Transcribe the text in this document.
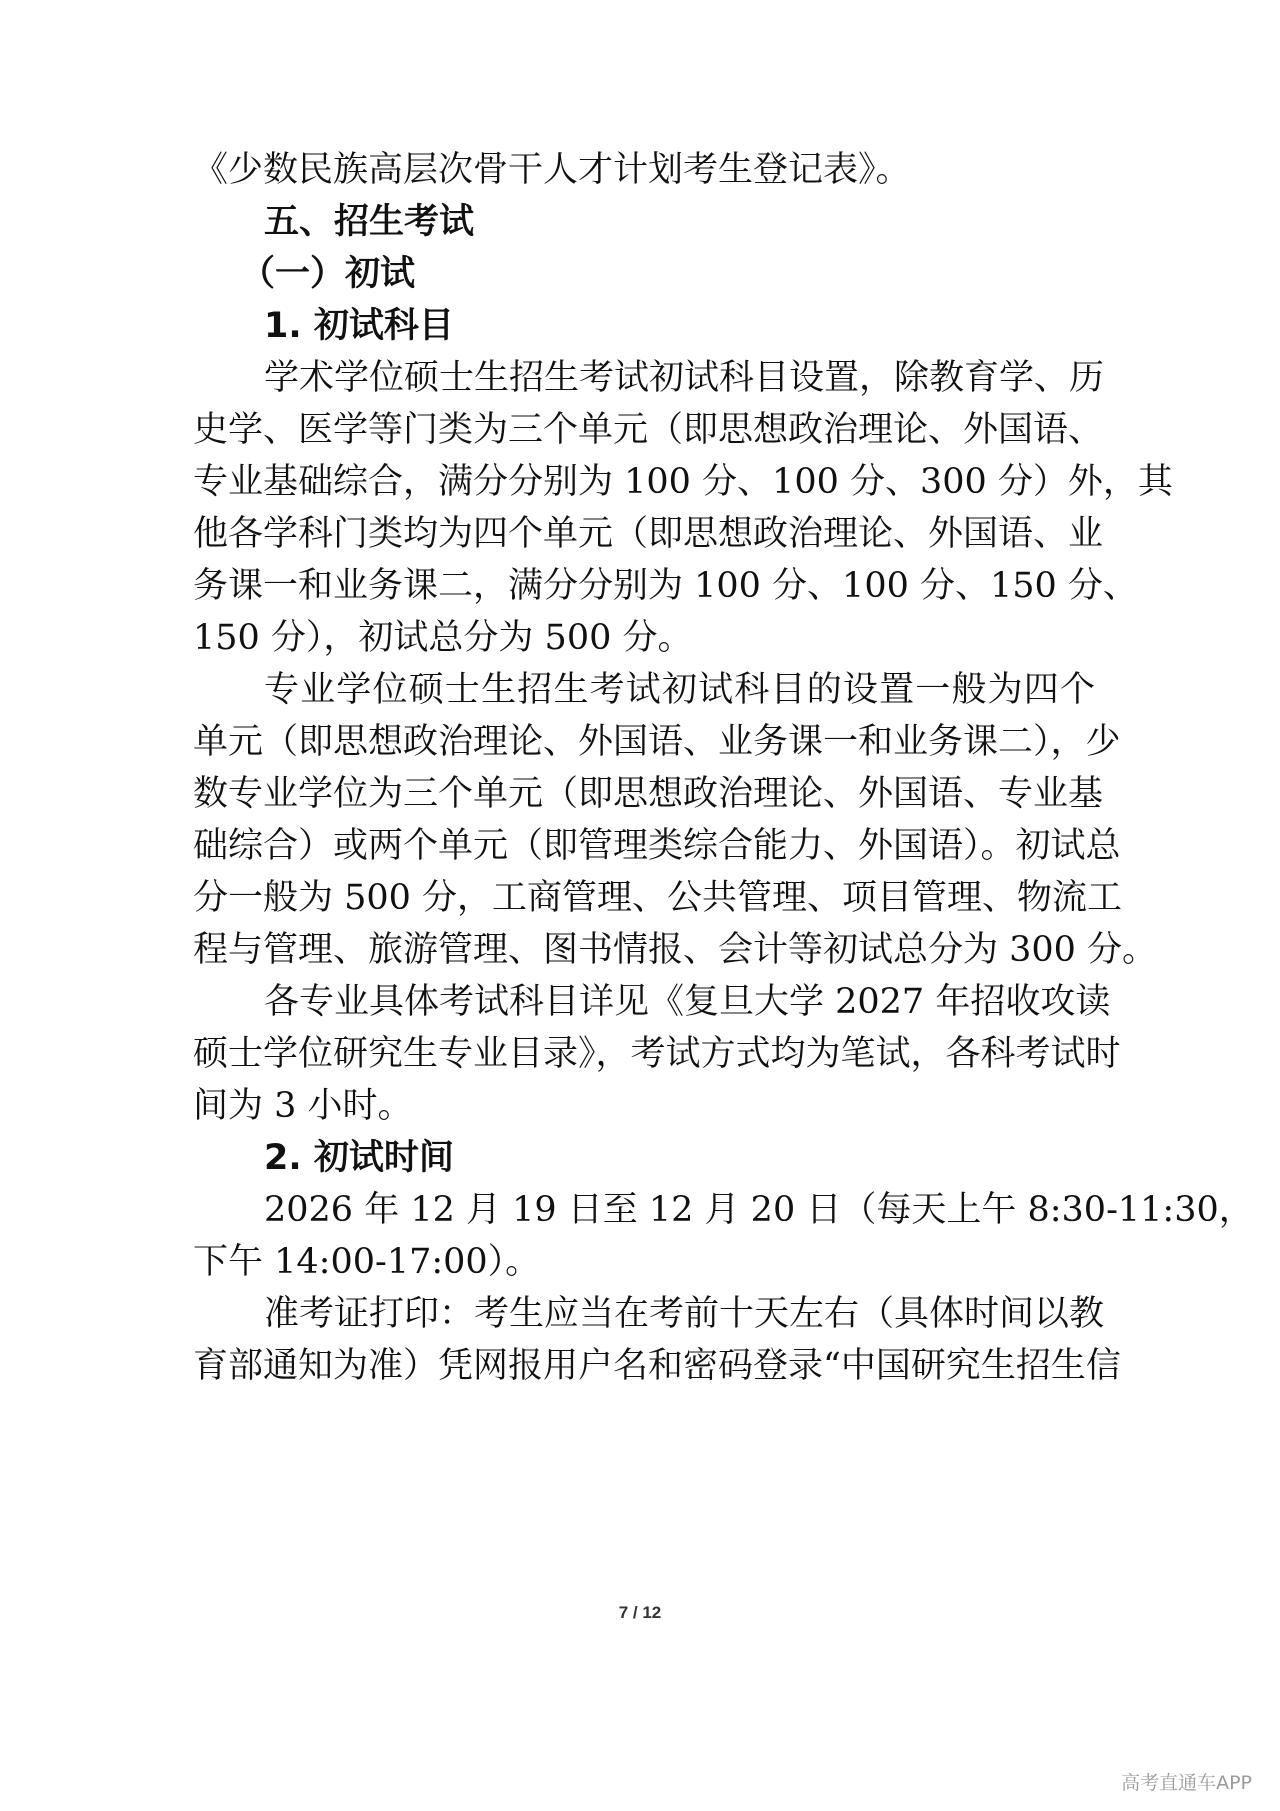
《少数民族高层次骨干人才计划考生登记表》。
五、招生考试
（一）初试
1. 初试科目
学术学位硕士生招生考试初试科目设置，除教育学、历
史学、医学等门类为三个单元（即思想政治理论、外国语、
专业基础综合，满分分别为 100 分、100 分、300 分）外，其
他各学科门类均为四个单元（即思想政治理论、外国语、业
务课一和业务课二，满分分别为 100 分、100 分、150 分、
150 分），初试总分为 500 分。
专业学位硕士生招生考试初试科目的设置一般为四个
单元（即思想政治理论、外国语、业务课一和业务课二），少
数专业学位为三个单元（即思想政治理论、外国语、专业基
础综合）或两个单元（即管理类综合能力、外国语）。初试总
分一般为 500 分，工商管理、公共管理、项目管理、物流工
程与管理、旅游管理、图书情报、会计等初试总分为 300 分。
各专业具体考试科目详见《复旦大学 2027 年招收攻读
硕士学位研究生专业目录》，考试方式均为笔试，各科考试时
间为 3 小时。
2. 初试时间
2026 年 12 月 19 日至 12 月 20 日（每天上午 8:30-11:30，
下午 14:00-17:00）。
准考证打印：考生应当在考前十天左右（具体时间以教
育部通知为准）凭网报用户名和密码登录“中国研究生招生信
7 / 12
高考直通车APP
